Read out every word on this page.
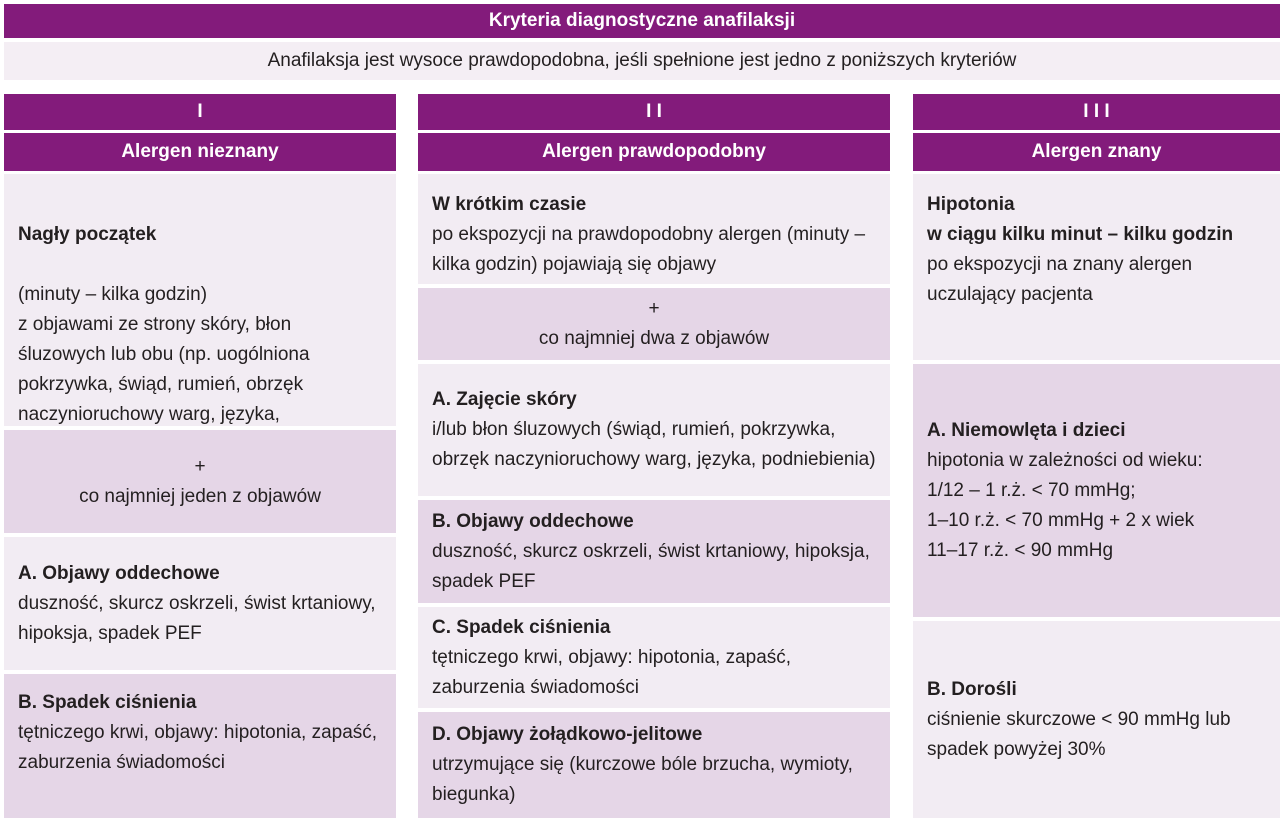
Kryteria diagnostyczne anafilaksji
Anafilaksja jest wysoce prawdopodobna, jeśli spełnione jest jedno z poniższych kryteriów
I
Alergen nieznany

Nagły początek

(minuty – kilka godzin)
z objawami ze strony skóry, błon śluzowych lub obu (np. uogólniona pokrzywka, świąd, rumień, obrzęk naczynioruchowy warg, języka,

+
co najmniej jeden z objawów
A. Objawy oddechowe
duszność, skurcz oskrzeli, świst krtaniowy, hipoksja, spadek PEF
B. Spadek ciśnienia
tętniczego krwi, objawy: hipotonia, zapaść, zaburzenia świadomości
I I
Alergen prawdopodobny
W krótkim czasie
po ekspozycji na prawdopodobny alergen (minuty – kilka godzin) pojawiają się objawy
+
co najmniej dwa z objawów
A. Zajęcie skóry
i/lub błon śluzowych (świąd, rumień, pokrzywka, obrzęk naczynioruchowy warg, języka, podniebienia)
B. Objawy oddechowe
duszność, skurcz oskrzeli, świst krtaniowy, hipoksja, spadek PEF
C. Spadek ciśnienia
tętniczego krwi, objawy: hipotonia, zapaść, zaburzenia świadomości
D. Objawy żołądkowo-jelitowe
utrzymujące się (kurczowe bóle brzucha, wymioty, biegunka)
I I I
Alergen znany
Hipotonia
w ciągu kilku minut – kilku godzin
po ekspozycji na znany alergen uczulający pacjenta
A. Niemowlęta i dzieci
hipotonia w zależności od wieku:
1/12 – 1 r.ż. < 70 mmHg;
1–10 r.ż. < 70 mmHg + 2 x wiek
11–17 r.ż. < 90 mmHg
B. Dorośli
ciśnienie skurczowe < 90 mmHg lub spadek powyżej 30%
